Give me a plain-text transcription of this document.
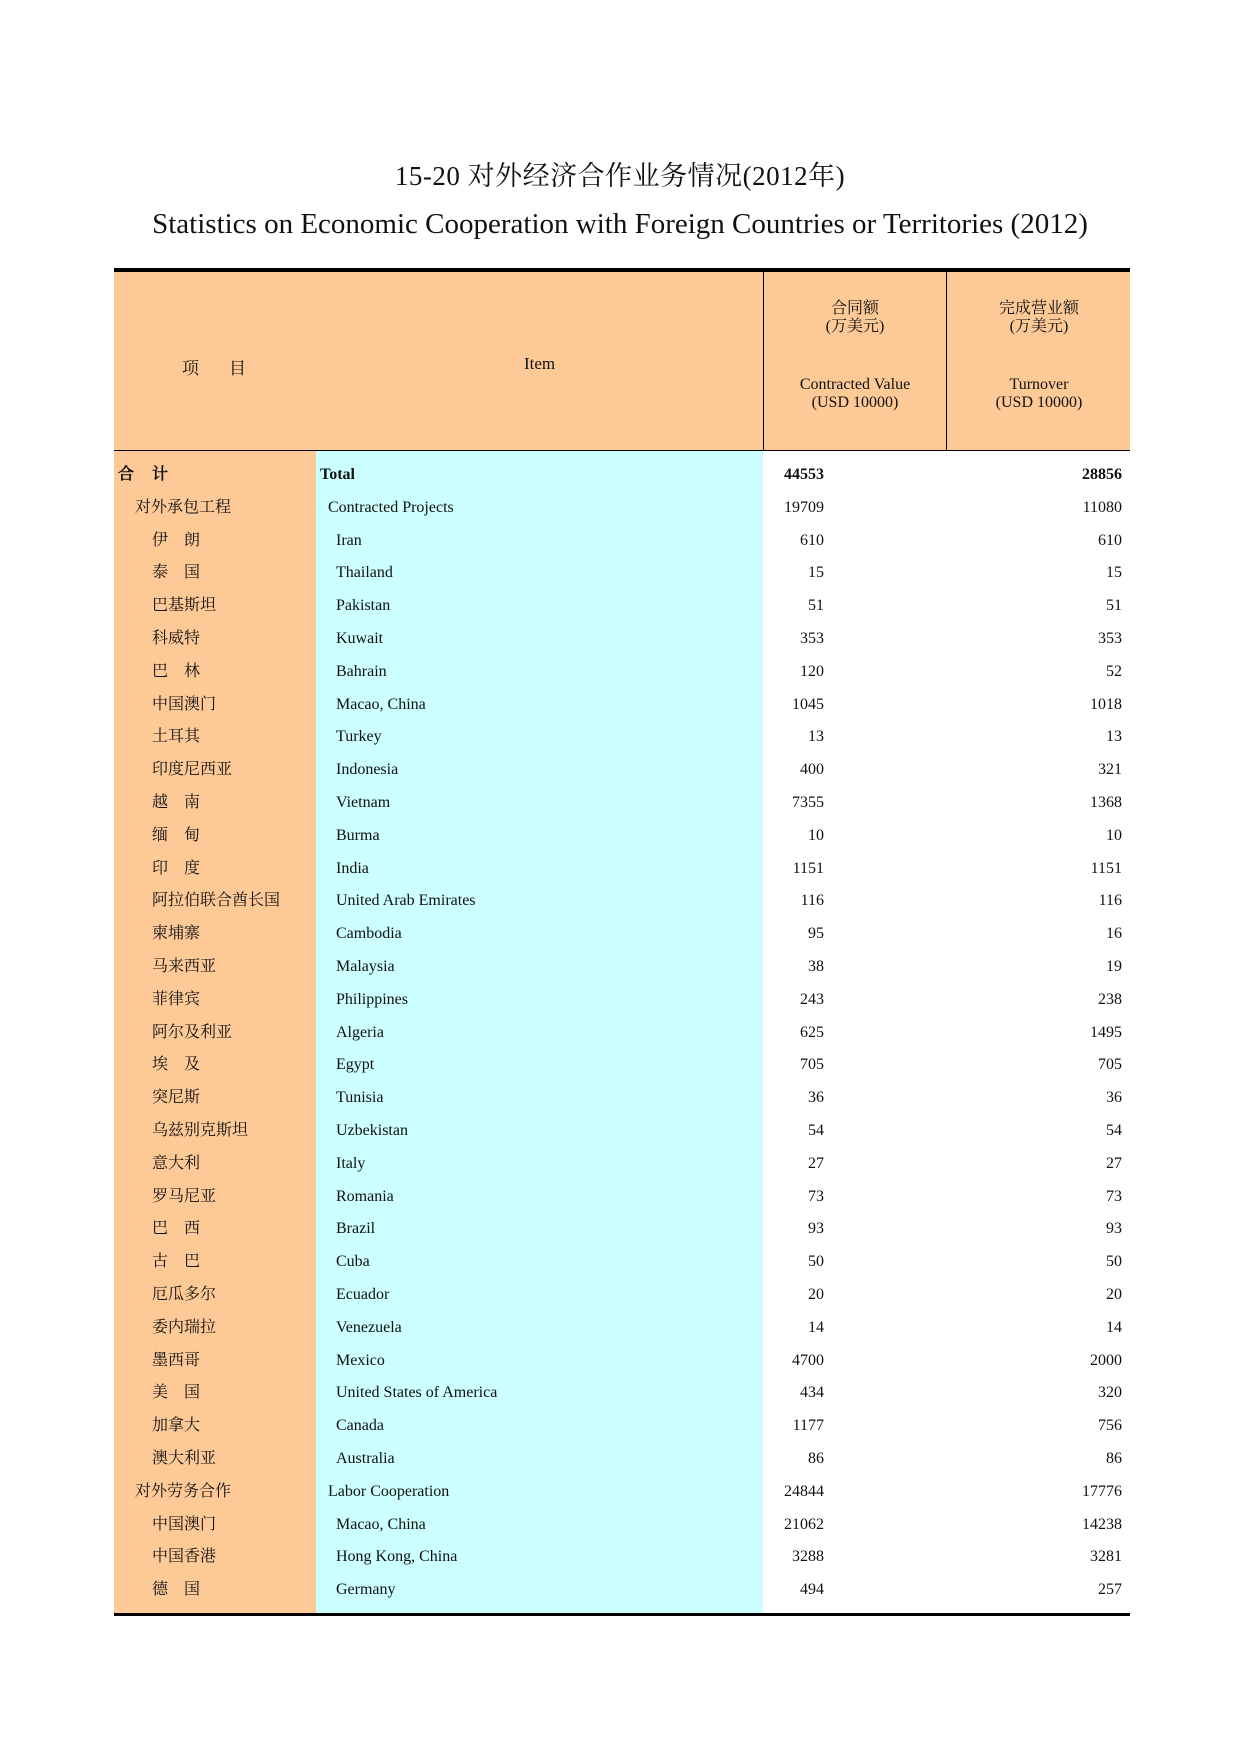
15-20 对外经济合作业务情况(2012年)
Statistics on Economic Cooperation with Foreign Countries or Territories (2012)
项目	Item
合同额
(万美元)
Contracted Value
(USD 10000)
完成营业额
(万美元)
Turnover
(USD 10000)
合计	Total	44553	28856
对外承包工程	Contracted Projects	19709	11080
伊　朗	Iran	610	610
泰　国	Thailand	15	15
巴基斯坦	Pakistan	51	51
科威特	Kuwait	353	353
巴　林	Bahrain	120	52
中国澳门	Macao, China	1045	1018
土耳其	Turkey	13	13
印度尼西亚	Indonesia	400	321
越　南	Vietnam	7355	1368
缅　甸	Burma	10	10
印　度	India	1151	1151
阿拉伯联合酋长国	United Arab Emirates	116	116
柬埔寨	Cambodia	95	16
马来西亚	Malaysia	38	19
菲律宾	Philippines	243	238
阿尔及利亚	Algeria	625	1495
埃　及	Egypt	705	705
突尼斯	Tunisia	36	36
乌兹别克斯坦	Uzbekistan	54	54
意大利	Italy	27	27
罗马尼亚	Romania	73	73
巴　西	Brazil	93	93
古　巴	Cuba	50	50
厄瓜多尔	Ecuador	20	20
委内瑞拉	Venezuela	14	14
墨西哥	Mexico	4700	2000
美　国	United States of America	434	320
加拿大	Canada	1177	756
澳大利亚	Australia	86	86
对外劳务合作	Labor Cooperation	24844	17776
中国澳门	Macao, China	21062	14238
中国香港	Hong Kong, China	3288	3281
德　国	Germany	494	257
